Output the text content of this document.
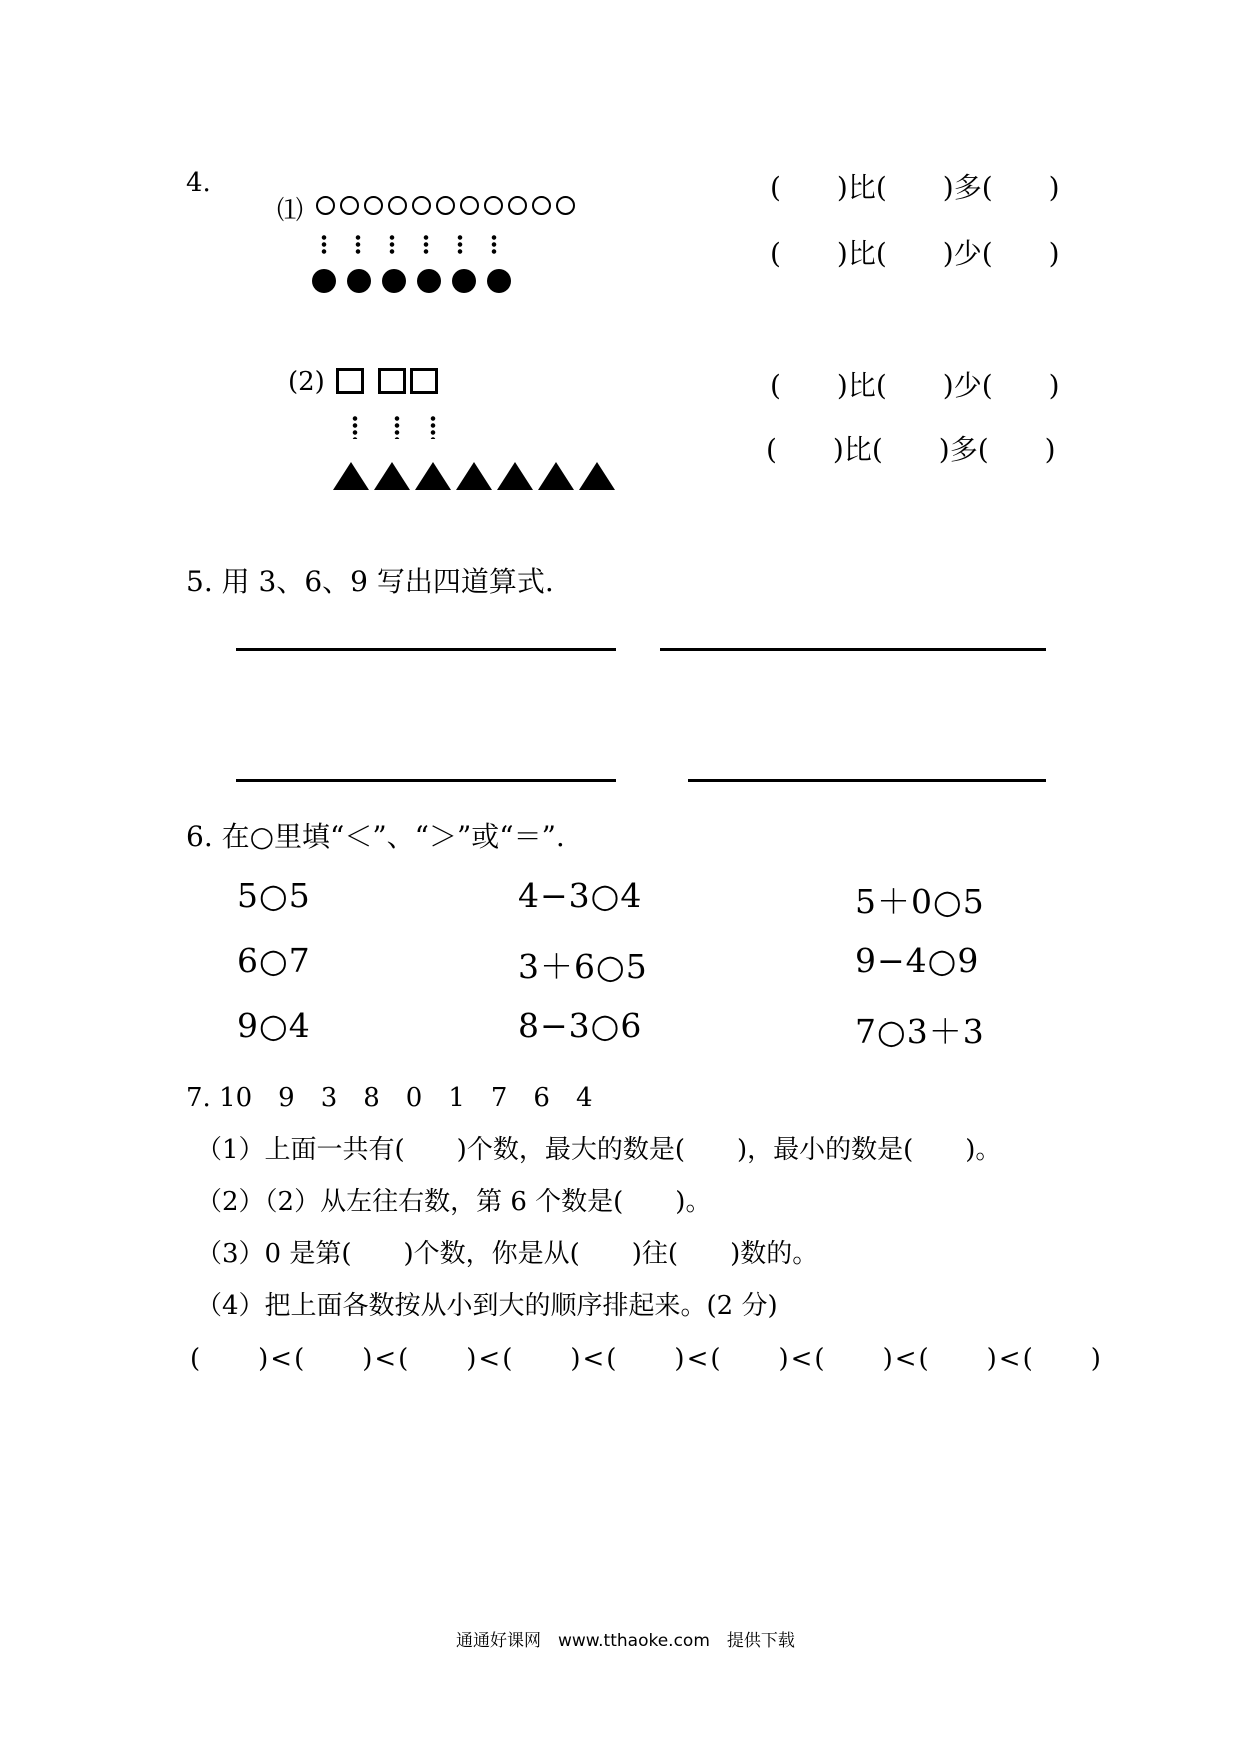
4.
⑴
(2)
(　　)比(　　)多(　　)
(　　)比(　　)少(　　)
(　　)比(　　)少(　　)
(　　)比(　　)多(　　)
5. 用 3、6、9 写出四道算式.
6. 在○里填“＜”、“＞”或“＝”.
5○5	4−3○4	5＋0○5
6○7	3＋6○5	9−4○9
9○4	8−3○6	7○3＋3
7. 10　9　3　8　0　1　7　6　4
（1）上面一共有(　　)个数，最大的数是(　　)，最小的数是(　　)。
（2）（2）从左往右数，第 6 个数是(　　)。
（3）0 是第(　　)个数，你是从(　　)往(　　)数的。
（4）把上面各数按从小到大的顺序排起来。(2 分)
(　　)<(　　)<(　　)<(　　)<(　　)<(　　)<(　　)<(　　)<(　　)
通通好课网　www.tthaoke.com　提供下载
